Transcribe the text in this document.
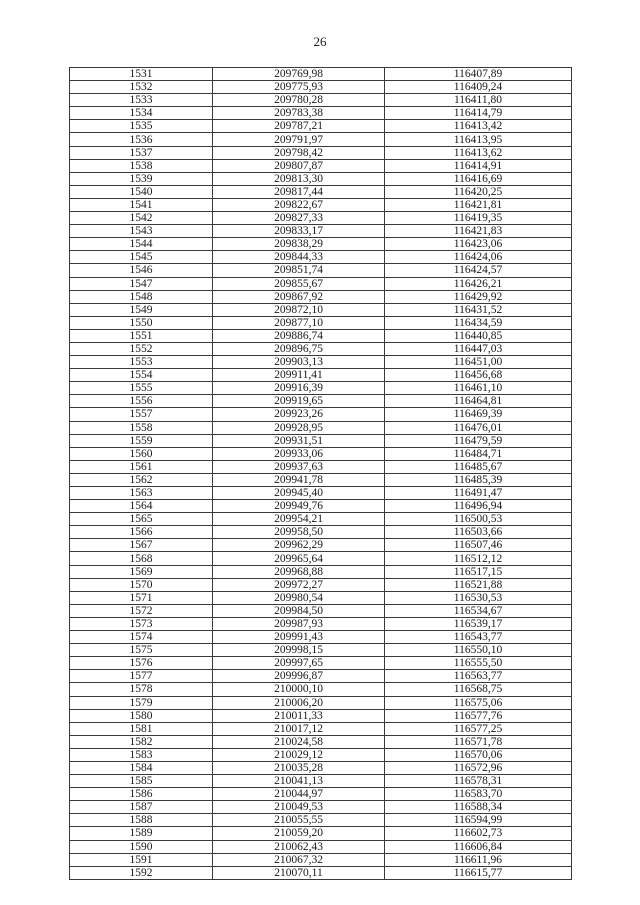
26
1531	209769,98	116407,89
1532	209775,93	116409,24
1533	209780,28	116411,80
1534	209783,38	116414,79
1535	209787,21	116413,42
1536	209791,97	116413,95
1537	209798,42	116413,62
1538	209807,87	116414,91
1539	209813,30	116416,69
1540	209817,44	116420,25
1541	209822,67	116421,81
1542	209827,33	116419,35
1543	209833,17	116421,83
1544	209838,29	116423,06
1545	209844,33	116424,06
1546	209851,74	116424,57
1547	209855,67	116426,21
1548	209867,92	116429,92
1549	209872,10	116431,52
1550	209877,10	116434,59
1551	209886,74	116440,85
1552	209896,75	116447,03
1553	209903,13	116451,00
1554	209911,41	116456,68
1555	209916,39	116461,10
1556	209919,65	116464,81
1557	209923,26	116469,39
1558	209928,95	116476,01
1559	209931,51	116479,59
1560	209933,06	116484,71
1561	209937,63	116485,67
1562	209941,78	116485,39
1563	209945,40	116491,47
1564	209949,76	116496,94
1565	209954,21	116500,53
1566	209958,50	116503,66
1567	209962,29	116507,46
1568	209965,64	116512,12
1569	209968,88	116517,15
1570	209972,27	116521,88
1571	209980,54	116530,53
1572	209984,50	116534,67
1573	209987,93	116539,17
1574	209991,43	116543,77
1575	209998,15	116550,10
1576	209997,65	116555,50
1577	209996,87	116563,77
1578	210000,10	116568,75
1579	210006,20	116575,06
1580	210011,33	116577,76
1581	210017,12	116577,25
1582	210024,58	116571,78
1583	210029,12	116570,06
1584	210035,28	116572,96
1585	210041,13	116578,31
1586	210044,97	116583,70
1587	210049,53	116588,34
1588	210055,55	116594,99
1589	210059,20	116602,73
1590	210062,43	116606,84
1591	210067,32	116611,96
1592	210070,11	116615,77
